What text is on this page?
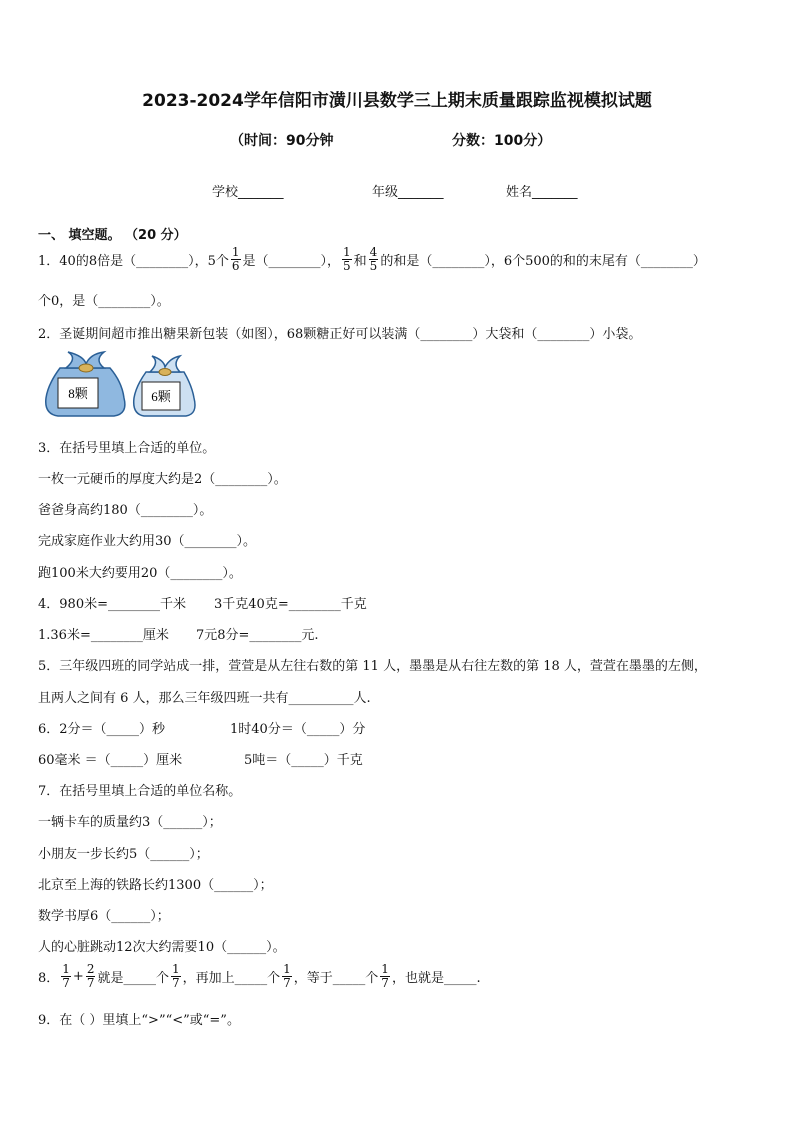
2023-2024学年信阳市潢川县数学三上期末质量跟踪监视模拟试题
（时间：90分钟	分数：100分）
学校_______	年级_______	姓名_______
一、 填空题。 （20 分）
1．40的8倍是（________），5个 $\frac{1}{6}$ 是（________）， $\frac{1}{5}$ 和 $\frac{4}{5}$ 的和是（________），6个500的和的末尾有（________）
个0，是（________）。
2．圣诞期间超市推出糖果新包装（如图），68颗糖正好可以装满（________）大袋和（________）小袋。
8颗	6颗
3．在括号里填上合适的单位。
一枚一元硬币的厚度大约是2（________）。
爸爸身高约180（________）。
完成家庭作业大约用30（________）。
跑100米大约要用20（________）。
4．980米=________千米 3千克40克=________千克
1.36米=________厘米 7元8分=________元.
5．三年级四班的同学站成一排，萱萱是从左往右数的第 11 人，墨墨是从右往左数的第 18 人，萱萱在墨墨的左侧，
且两人之间有 6 人，那么三年级四班一共有__________人.
6．2分＝（_____）秒	1时40分＝（_____）分
60毫米 ＝（_____）厘米	5吨＝（_____）千克
7．在括号里填上合适的单位名称。
一辆卡车的质量约3（______）；
小朋友一步长约5（______）；
北京至上海的铁路长约1300（______）；
数学书厚6（______）；
人的心脏跳动12次大约需要10（______）。
8． $\frac{1}{7} + \frac{2}{7}$ 就是_____个 $\frac{1}{7}$ ，再加上_____个 $\frac{1}{7}$ ，等于_____个 $\frac{1}{7}$ ，也就是_____.
9．在（ ）里填上“>”“<”或“=”。
